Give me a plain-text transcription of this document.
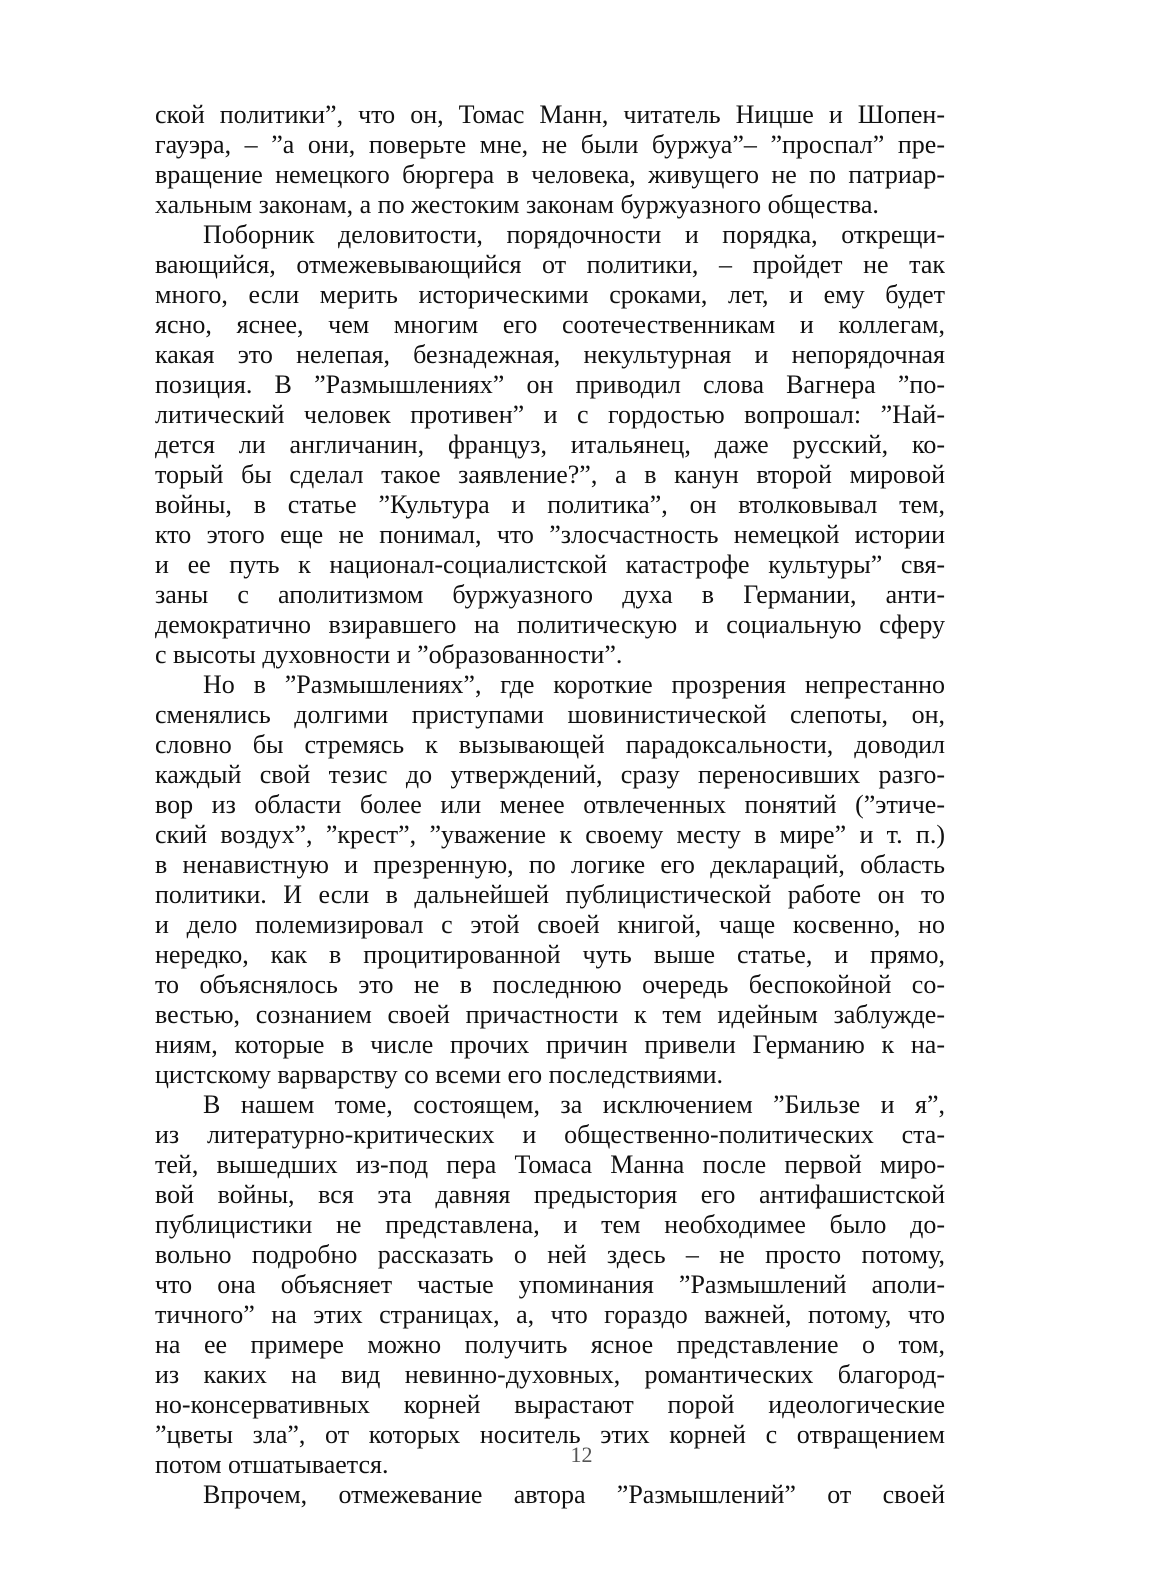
ской политики”, что он, Томас Манн, читатель Ницше и Шопен-
гауэра, – ”а они, поверьте мне, не были буржуа”– ”проспал” пре-
вращение немецкого бюргера в человека, живущего не по патриар-
хальным законам, а по жестоким законам буржуазного общества.
Поборник деловитости, порядочности и порядка, открещи-
вающийся, отмежевывающийся от политики, – пройдет не так
много, если мерить историческими сроками, лет, и ему будет
ясно, яснее, чем многим его соотечественникам и коллегам,
какая это нелепая, безнадежная, некультурная и непорядочная
позиция. В ”Размышлениях” он приводил слова Вагнера ”по-
литический человек противен” и с гордостью вопрошал: ”Най-
дется ли англичанин, француз, итальянец, даже русский, ко-
торый бы сделал такое заявление?”, а в канун второй мировой
войны, в статье ”Культура и политика”, он втолковывал тем,
кто этого еще не понимал, что ”злосчастность немецкой истории
и ее путь к национал-социалистской катастрофе культуры” свя-
заны с аполитизмом буржуазного духа в Германии, анти-
демократично взиравшего на политическую и социальную сферу
с высоты духовности и ”образованности”.
Но в ”Размышлениях”, где короткие прозрения непрестанно
сменялись долгими приступами шовинистической слепоты, он,
словно бы стремясь к вызывающей парадоксальности, доводил
каждый свой тезис до утверждений, сразу переносивших разго-
вор из области более или менее отвлеченных понятий (”этиче-
ский воздух”, ”крест”, ”уважение к своему месту в мире” и т. п.)
в ненавистную и презренную, по логике его деклараций, область
политики. И если в дальнейшей публицистической работе он то
и дело полемизировал с этой своей книгой, чаще косвенно, но
нередко, как в процитированной чуть выше статье, и прямо,
то объяснялось это не в последнюю очередь беспокойной со-
вестью, сознанием своей причастности к тем идейным заблужде-
ниям, которые в числе прочих причин привели Германию к на-
цистскому варварству со всеми его последствиями.
В нашем томе, состоящем, за исключением ”Бильзе и я”,
из литературно-критических и общественно-политических ста-
тей, вышедших из-под пера Томаса Манна после первой миро-
вой войны, вся эта давняя предыстория его антифашистской
публицистики не представлена, и тем необходимее было до-
вольно подробно рассказать о ней здесь – не просто потому,
что она объясняет частые упоминания ”Размышлений аполи-
тичного” на этих страницах, а, что гораздо важней, потому, что
на ее примере можно получить ясное представление о том,
из каких на вид невинно-духовных, романтических благород-
но-консервативных корней вырастают порой идеологические
”цветы зла”, от которых носитель этих корней с отвращением
потом отшатывается.
Впрочем, отмежевание автора ”Размышлений” от своей
12
